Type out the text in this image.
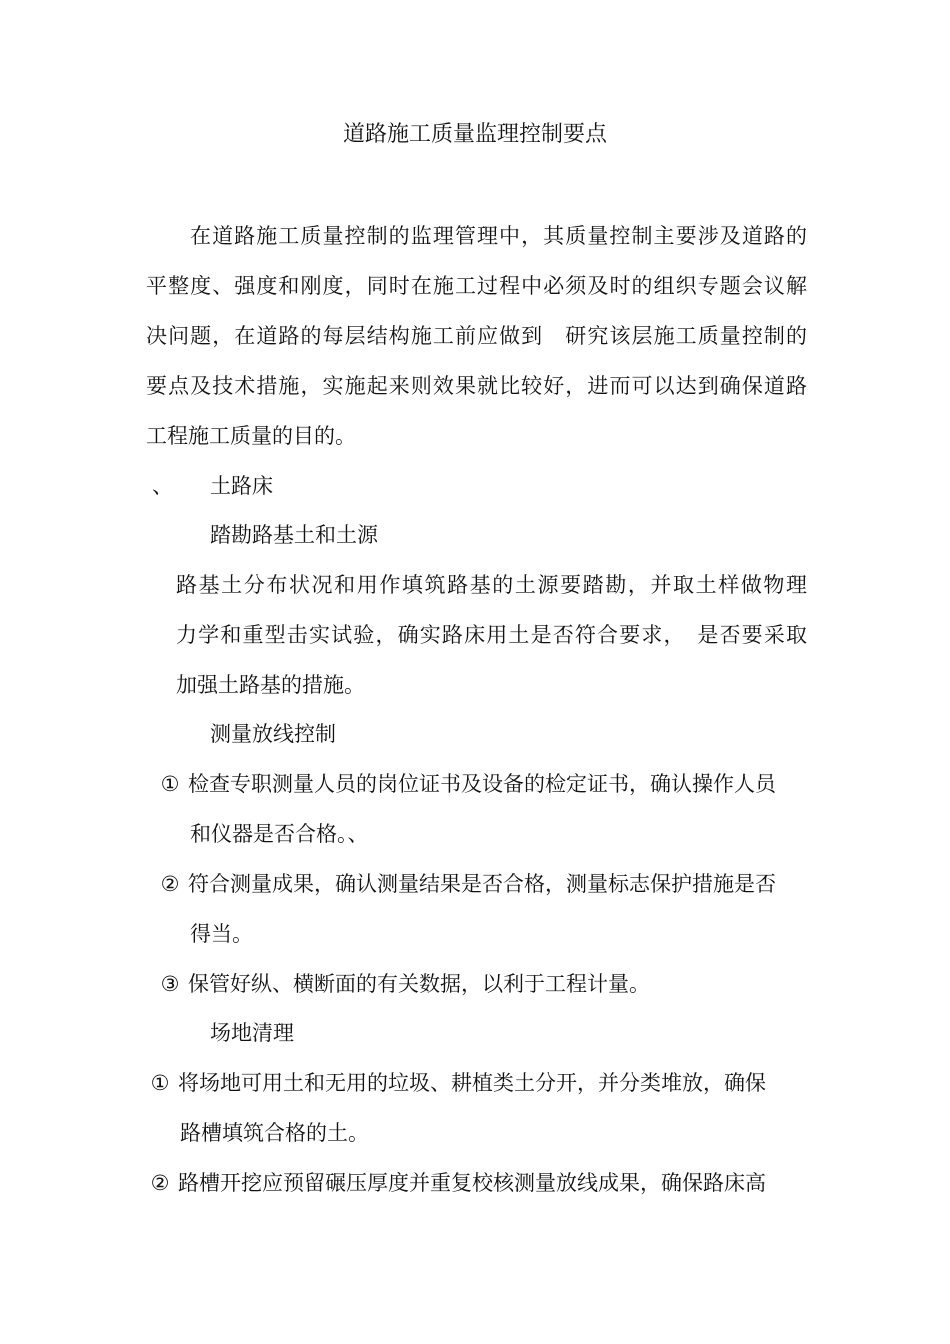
道路施工质量监理控制要点
在道路施工质量控制的监理管理中，其质量控制主要涉及道路的
平整度、强度和刚度，同时在施工过程中必须及时的组织专题会议解
决问题，在道路的每层结构施工前应做到　研究该层施工质量控制的
要点及技术措施，实施起来则效果就比较好，进而可以达到确保道路
工程施工质量的目的。
、 土路床
踏勘路基土和土源
路基土分布状况和用作填筑路基的土源要踏勘，并取土样做物理
力学和重型击实试验，确实路床用土是否符合要求，　是否要采取
加强土路基的措施。
测量放线控制
① 检查专职测量人员的岗位证书及设备的检定证书，确认操作人员
和仪器是否合格。、
② 符合测量成果，确认测量结果是否合格，测量标志保护措施是否
得当。
③ 保管好纵、横断面的有关数据，以利于工程计量。
场地清理
① 将场地可用土和无用的垃圾、耕植类土分开，并分类堆放，确保
路槽填筑合格的土。
② 路槽开挖应预留碾压厚度并重复校核测量放线成果，确保路床高
